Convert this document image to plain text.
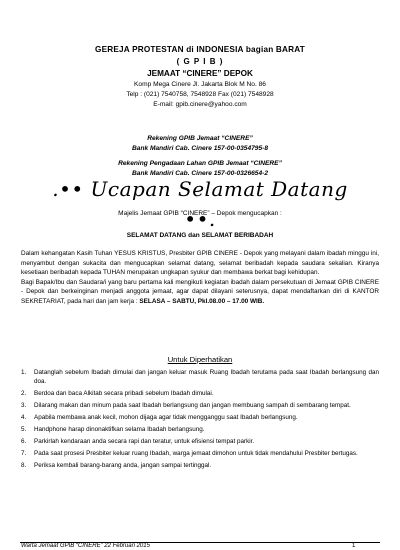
GEREJA PROTESTAN di INDONESIA bagian BARAT
( G P I B )
JEMAAT “CINERE” DEPOK
Komp Mega Cinere Jl. Jakarta Blok M No. 86
Telp : (021) 7540758, 7548928 Fax (021) 7548928
E-mail: gpib.cinere@yahoo.com
Rekening GPIB Jemaat “CINERE”
Bank Mandiri Cab. Cinere 157-00-0354795-8
Rekening Pengadaan Lahan GPIB Jemaat “CINERE”
Bank Mandiri Cab. Cinere 157-00-0326654-2
.•• Ucapan Selamat Datang ••.
Majelis Jemaat GPIB “CINERE” – Depok mengucapkan :
SELAMAT DATANG dan SELAMAT BERIBADAH

Dalam kehangatan Kasih Tuhan YESUS KRISTUS, Presbiter GPIB CINERE - Depok yang melayani dalam ibadah minggu ini, menyambut dengan sukacita dan mengucapkan selamat datang, selamat beribadah kepada saudara sekalian. Kiranya kesetiaan beribadah kepada TUHAN merupakan ungkapan syukur dan membawa berkat bagi kehidupan.

Bagi Bapak/Ibu dan Saudara/i yang baru pertama kali mengikuti kegiatan ibadah dalam persekutuan di Jemaat GPIB CINERE - Depok dan berkeinginan menjadi anggota jemaat, agar dapat dilayani seterusnya, dapat mendaftarkan diri di KANTOR SEKRETARIAT, pada hari dan jam kerja : SELASA – SABTU, Pkl.08.00 – 17.00 WIB.

Untuk Diperhatikan
1.	Datanglah sebelum Ibadah dimulai dan jangan keluar masuk Ruang Ibadah terutama pada saat Ibadah berlangsung dan doa.
2.	Berdoa dan baca Alkitab secara pribadi sebelum Ibadah dimulai.
3.	Dilarang makan dan minum pada saat Ibadah berlangsung dan jangan membuang sampah di sembarang tempat.
4.	Apabila membawa anak kecil, mohon dijaga agar tidak mengganggu saat Ibadah berlangsung.
5.	Handphone harap dinonaktifkan selama Ibadah berlangsung.
6.	Parkirlah kendaraan anda secara rapi dan teratur, untuk efisiensi tempat parkir.
7.	Pada saat prosesi Presbiter keluar ruang Ibadah, warga jemaat dimohon untuk tidak mendahului Presbiter bertugas.
8.	Periksa kembali barang-barang anda, jangan sampai tertinggal.
Warta Jemaat GPIB “CINERE” 22 Februari 2015	1
